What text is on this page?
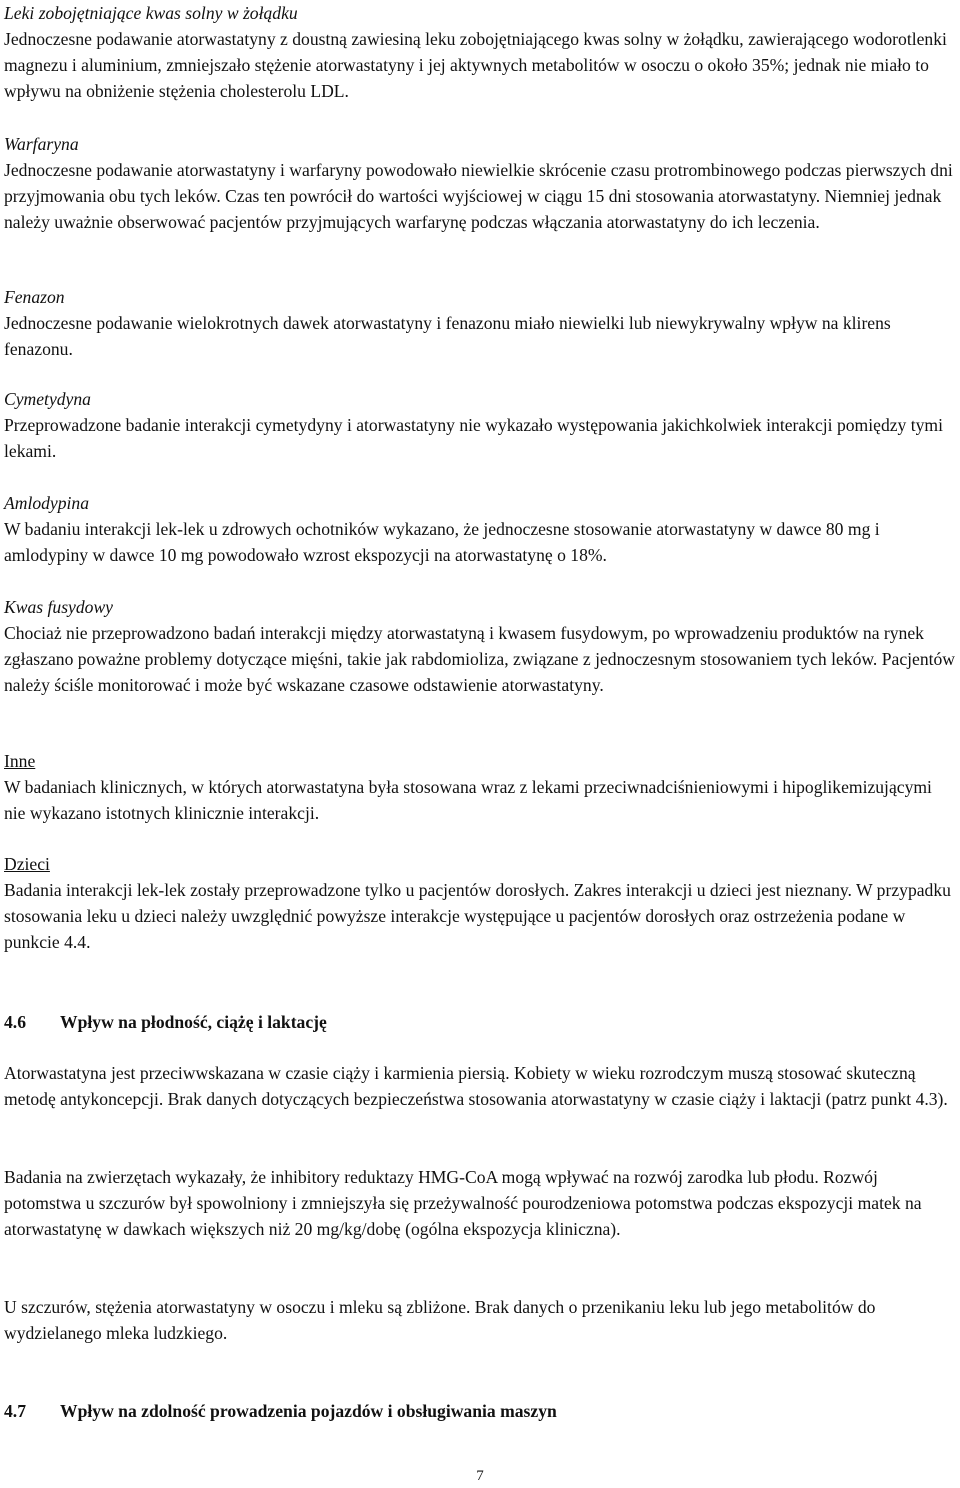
Leki zobojętniające kwas solny w żołądku
Jednoczesne podawanie atorwastatyny z doustną zawiesiną leku zobojętniającego kwas solny w żołądku, zawierającego wodorotlenki magnezu i aluminium, zmniejszało stężenie atorwastatyny i jej aktywnych metabolitów w osoczu o około 35%; jednak nie miało to wpływu na obniżenie stężenia cholesterolu LDL.
Warfaryna
Jednoczesne podawanie atorwastatyny i warfaryny powodowało niewielkie skrócenie czasu protrombinowego podczas pierwszych dni przyjmowania obu tych leków. Czas ten powrócił do wartości wyjściowej w ciągu 15 dni stosowania atorwastatyny. Niemniej jednak należy uważnie obserwować pacjentów przyjmujących warfarynę podczas włączania atorwastatyny do ich leczenia.
Fenazon
Jednoczesne podawanie wielokrotnych dawek atorwastatyny i fenazonu miało niewielki lub niewykrywalny wpływ na klirens fenazonu.
Cymetydyna
Przeprowadzone badanie interakcji cymetydyny i atorwastatyny nie wykazało występowania jakichkolwiek interakcji pomiędzy tymi lekami.
Amlodypina
W badaniu interakcji lek-lek u zdrowych ochotników wykazano, że jednoczesne stosowanie atorwastatyny w dawce 80 mg i amlodypiny w dawce 10 mg powodowało wzrost ekspozycji na atorwastatynę o 18%.
Kwas fusydowy
Chociaż nie przeprowadzono badań interakcji między atorwastatyną i kwasem fusydowym, po wprowadzeniu produktów na rynek zgłaszano poważne problemy dotyczące mięśni, takie jak rabdomioliza, związane z jednoczesnym stosowaniem tych leków. Pacjentów należy ściśle monitorować i może być wskazane czasowe odstawienie atorwastatyny.
Inne
W badaniach klinicznych, w których atorwastatyna była stosowana wraz z lekami przeciwnadciśnieniowymi i hipoglikemizującymi nie wykazano istotnych klinicznie interakcji.
Dzieci
Badania interakcji lek-lek zostały przeprowadzone tylko u pacjentów dorosłych. Zakres interakcji u dzieci jest nieznany. W przypadku stosowania leku u dzieci należy uwzględnić powyższe interakcje występujące u pacjentów dorosłych oraz ostrzeżenia podane w punkcie 4.4.
4.6	Wpływ na płodność, ciążę i laktację
Atorwastatyna jest przeciwwskazana w czasie ciąży i karmienia piersią. Kobiety w wieku rozrodczym muszą stosować skuteczną metodę antykoncepcji. Brak danych dotyczących bezpieczeństwa stosowania atorwastatyny w czasie ciąży i laktacji (patrz punkt 4.3).
Badania na zwierzętach wykazały, że inhibitory reduktazy HMG-CoA mogą wpływać na rozwój zarodka lub płodu. Rozwój potomstwa u szczurów był spowolniony i zmniejszyła się przeżywalność pourodzeniowa potomstwa podczas ekspozycji matek na atorwastatynę w dawkach większych niż 20 mg/kg/dobę (ogólna ekspozycja kliniczna).
U szczurów, stężenia atorwastatyny w osoczu i mleku są zbliżone. Brak danych o przenikaniu leku lub jego metabolitów do wydzielanego mleka ludzkiego.
4.7	Wpływ na zdolność prowadzenia pojazdów i obsługiwania maszyn
7
